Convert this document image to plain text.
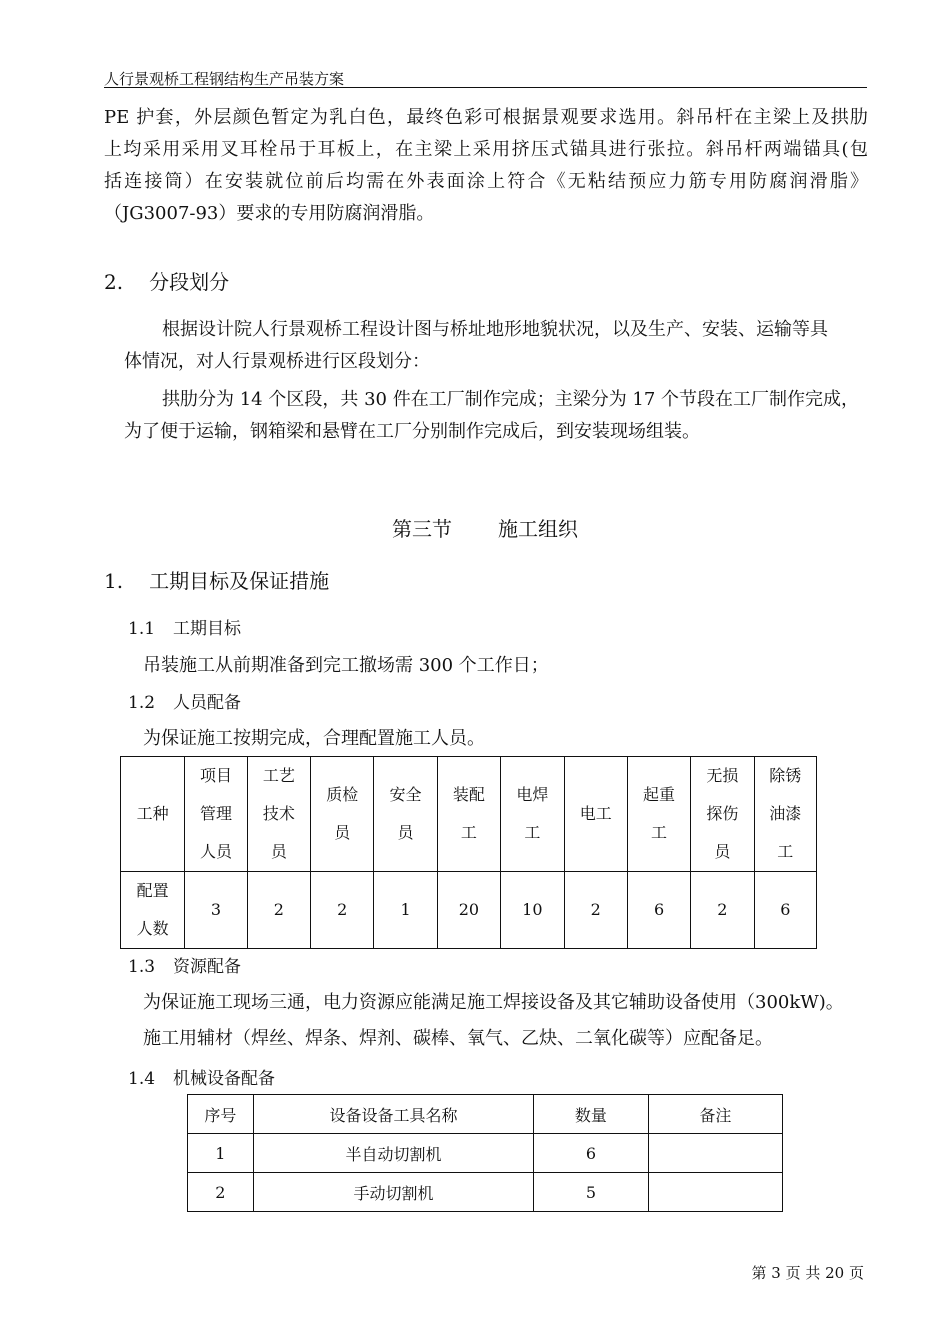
人行景观桥工程钢结构生产吊装方案
PE 护套，外层颜色暂定为乳白色，最终色彩可根据景观要求选用。斜吊杆在主梁上及拱肋
上均采用采用叉耳栓吊于耳板上，在主梁上采用挤压式锚具进行张拉。斜吊杆两端锚具(包
括连接筒）在安装就位前后均需在外表面涂上符合《无粘结预应力筋专用防腐润滑脂》
（JG3007-93）要求的专用防腐润滑脂。
2. 分段划分
根据设计院人行景观桥工程设计图与桥址地形地貌状况，以及生产、安装、运输等具
体情况，对人行景观桥进行区段划分：
拱肋分为 14 个区段，共 30 件在工厂制作完成；主梁分为 17 个节段在工厂制作完成，
为了便于运输，钢箱梁和悬臂在工厂分别制作完成后，到安装现场组装。
第三节 施工组织
1. 工期目标及保证措施
1.1 工期目标
吊装施工从前期准备到完工撤场需 300 个工作日；
1.2 人员配备
为保证施工按期完成，合理配置施工人员。
工种	项目
管理
人员	工艺
技术
员	质检
员	安全
员	装配
工	电焊
工	电工	起重
工	无损
探伤
员	除锈
油漆
工
配置
人数	3	2	2	1	20	10	2	6	2	6
1.3 资源配备
为保证施工现场三通，电力资源应能满足施工焊接设备及其它辅助设备使用（300kW)。
施工用辅材（焊丝、焊条、焊剂、碳棒、氧气、乙炔、二氧化碳等）应配备足。
1.4 机械设备配备
序号	设备设备工具名称	数量	备注
1	半自动切割机	6	
2	手动切割机	5	
第 3 页 共 20 页
